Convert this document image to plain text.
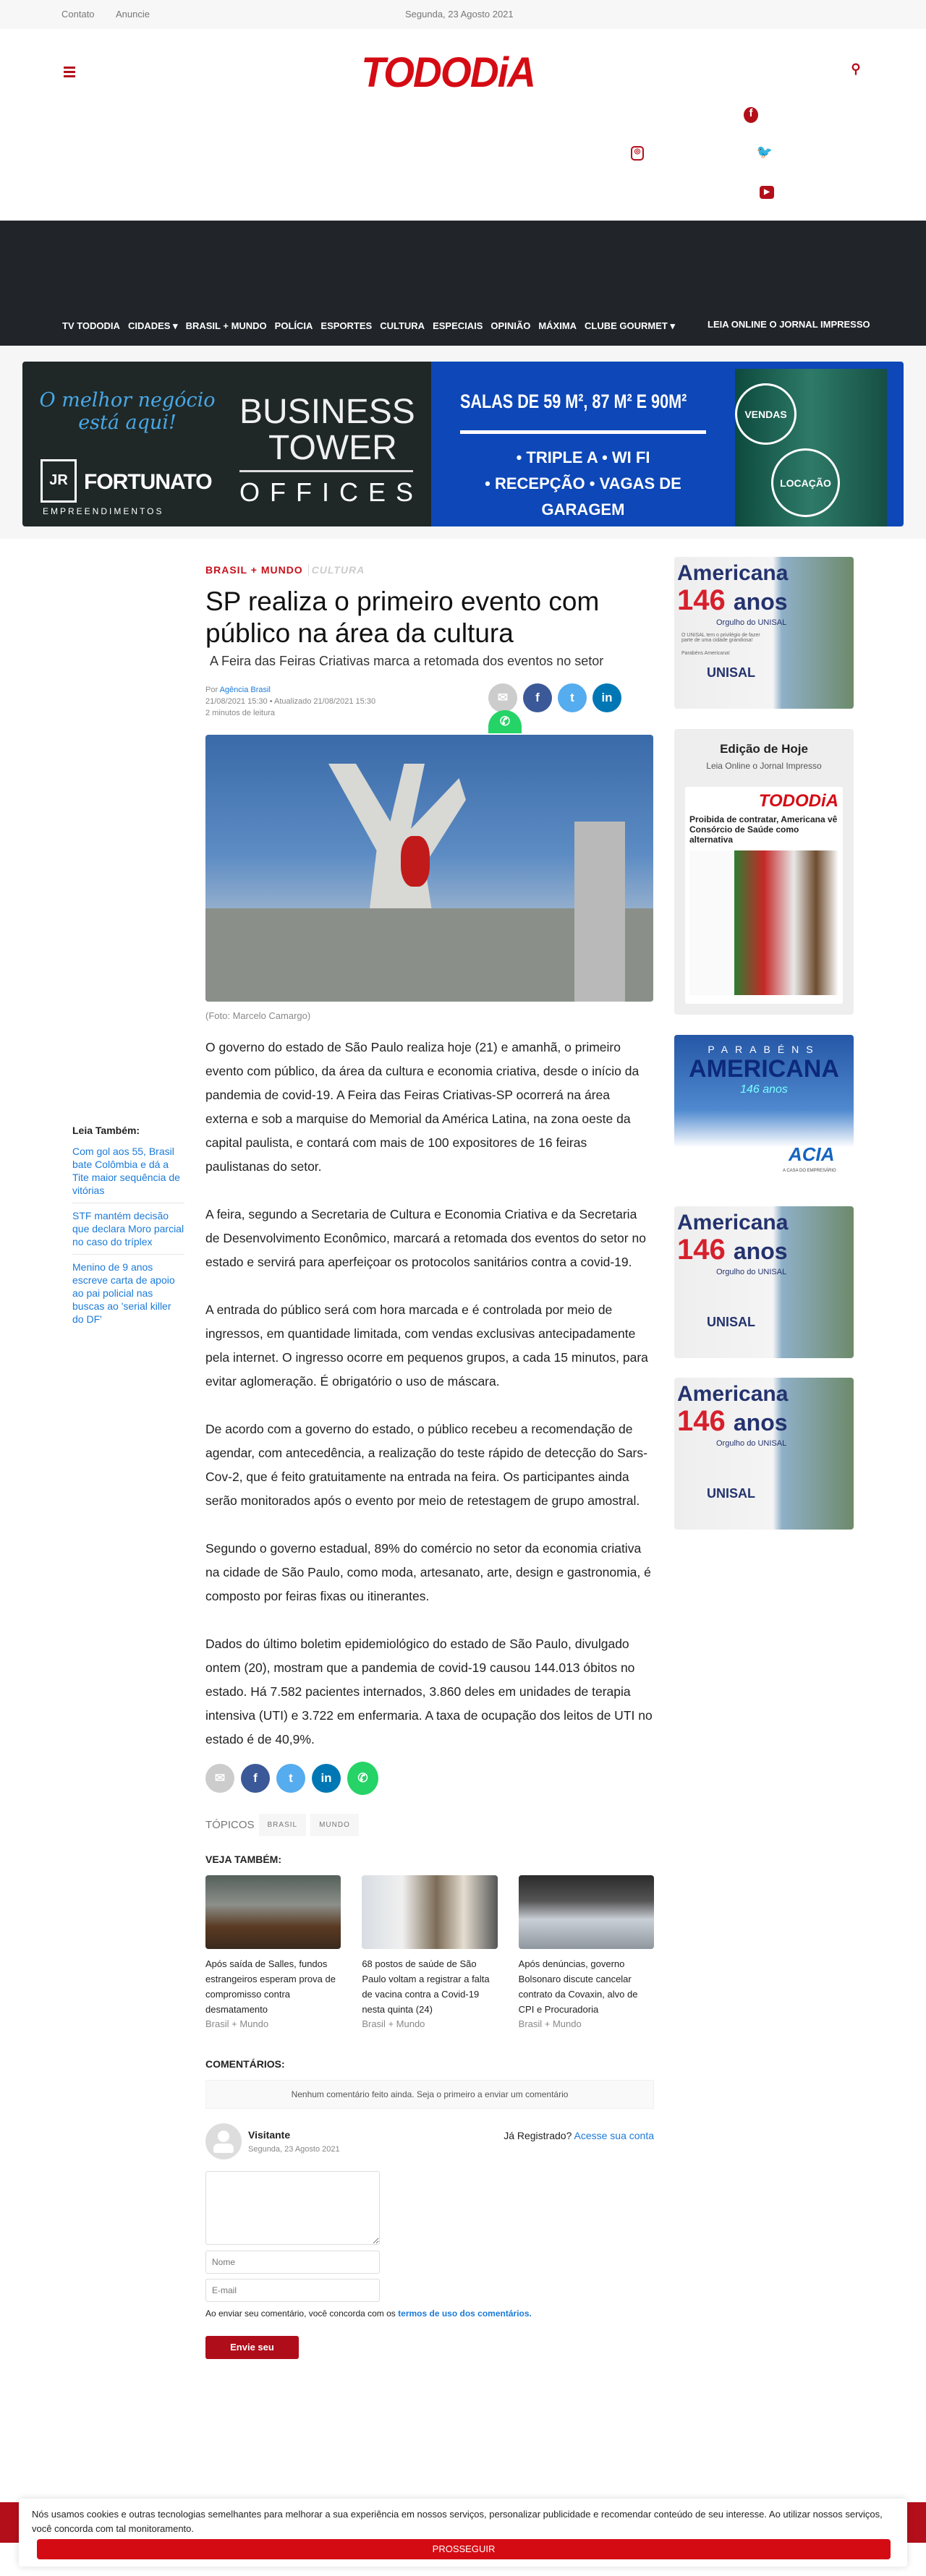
Contato Anuncie	Segunda, 23 Agosto 2021
TODODiA	⚲
f
◎	🐦
▶
TV TODODIA CIDADES ▾ BRASIL + MUNDO POLÍCIA ESPORTES CULTURA ESPECIAIS OPINIÃO MÁXIMA CLUBE GOURMET ▾	LEIA ONLINE O JORNAL IMPRESSO
O melhor negócio
está aqui!
JR FORTUNATO
EMPREENDIMENTOS
BUSINESS
TOWER
OFFICES
SALAS DE 59 M², 87 M² E 90M²
• TRIPLE A • WI FI
• RECEPÇÃO • VAGAS DE GARAGEM
VENDAS
LOCAÇÃO
Leia Também:
Com gol aos 55, Brasil bate Colômbia e dá a Tite maior sequência de vitórias
STF mantém decisão que declara Moro parcial no caso do tríplex
Menino de 9 anos escreve carta de apoio ao pai policial nas buscas ao 'serial killer do DF'
BRASIL + MUNDO CULTURA
SP realiza o primeiro evento com público na área da cultura
A Feira das Feiras Criativas marca a retomada dos eventos no setor
Por Agência Brasil
21/08/2021 15:30 • Atualizado 21/08/2021 15:30
2 minutos de leitura
✉	f	t	in
✆
(Foto: Marcelo Camargo)

O governo do estado de São Paulo realiza hoje (21) e amanhã, o primeiro evento com público, da área da cultura e economia criativa, desde o início da pandemia de covid-19. A Feira das Feiras Criativas-SP ocorrerá na área externa e sob a marquise do Memorial da América Latina, na zona oeste da capital paulista, e contará com mais de 100 expositores de 16 feiras paulistanas do setor.

A feira, segundo a Secretaria de Cultura e Economia Criativa e da Secretaria de Desenvolvimento Econômico, marcará a retomada dos eventos do setor no estado e servirá para aperfeiçoar os protocolos sanitários contra a covid-19.

A entrada do público será com hora marcada e é controlada por meio de ingressos, em quantidade limitada, com vendas exclusivas antecipadamente pela internet. O ingresso ocorre em pequenos grupos, a cada 15 minutos, para evitar aglomeração. É obrigatório o uso de máscara.

De acordo com a governo do estado, o público recebeu a recomendação de agendar, com antecedência, a realização do teste rápido de detecção do Sars-Cov-2, que é feito gratuitamente na entrada na feira. Os participantes ainda serão monitorados após o evento por meio de retestagem de grupo amostral.

Segundo o governo estadual, 89% do comércio no setor da economia criativa na cidade de São Paulo, como moda, artesanato, arte, design e gastronomia, é composto por feiras fixas ou itinerantes.

Dados do último boletim epidemiológico do estado de São Paulo, divulgado ontem (20), mostram que a pandemia de covid-19 causou 144.013 óbitos no estado. Há 7.582 pacientes internados, 3.860 deles em unidades de terapia intensiva (UTI) e 3.722 em enfermaria. A taxa de ocupação dos leitos de UTI no estado é de 40,9%.

✉	f	t	in	✆
TÓPICOS	BRASIL	MUNDO
VEJA TAMBÉM:
Após saída de Salles, fundos estrangeiros esperam prova de compromisso contra desmatamento
Brasil + Mundo
68 postos de saúde de São Paulo voltam a registrar a falta de vacina contra a Covid-19 nesta quinta (24)
Brasil + Mundo
Após denúncias, governo Bolsonaro discute cancelar contrato da Covaxin, alvo de CPI e Procuradoria
Brasil + Mundo
COMENTÁRIOS:
Nenhum comentário feito ainda. Seja o primeiro a enviar um comentário
Visitante
Segunda, 23 Agosto 2021
Já Registrado? Acesse sua conta
Nome
E-mail
Ao enviar seu comentário, você concorda com os termos de uso dos comentários.
Envie seu comentário
Americana
146 anos
Orgulho do UNISAL
O UNISAL tem o privilégio de fazer parte de uma cidade grandiosa!
Parabéns Americana!
UNISAL
Edição de Hoje
Leia Online o Jornal Impresso
TODODiA
Proibida de contratar, Americana vê Consórcio de Saúde como alternativa
PARABÉNS
AMERICANA
146 anos
ACIA
A CASA DO EMPRESÁRIO
Americana
146 anos
Orgulho do UNISAL
UNISAL
Americana
146 anos
Orgulho do UNISAL
UNISAL
Nós usamos cookies e outras tecnologias semelhantes para melhorar a sua experiência em nossos serviços, personalizar publicidade e recomendar conteúdo de seu interesse. Ao utilizar nossos serviços, você concorda com tal monitoramento.
PROSSEGUIR
